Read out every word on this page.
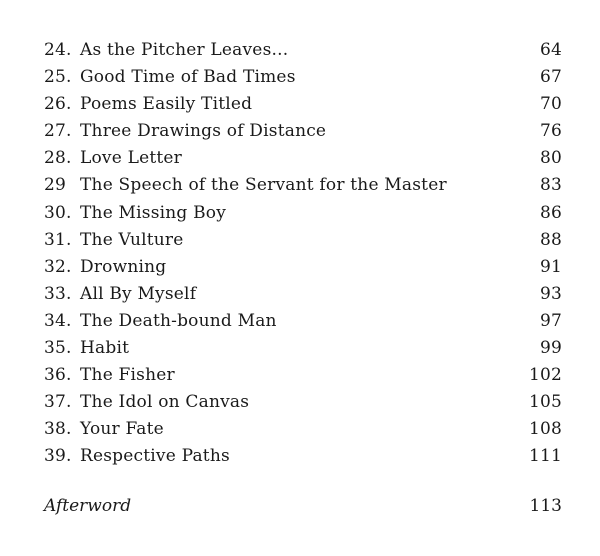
24. As the Pitcher Leaves...	64
25. Good Time of Bad Times	67
26. Poems Easily Titled	70
27. Three Drawings of Distance	76
28. Love Letter	80
29 The Speech of the Servant for the Master	83
30. The Missing Boy	86
31. The Vulture	88
32. Drowning	91
33. All By Myself	93
34. The Death-bound Man	97
35. Habit	99
36. The Fisher	102
37. The Idol on Canvas	105
38. Your Fate	108
39. Respective Paths	111
Afterword	113
